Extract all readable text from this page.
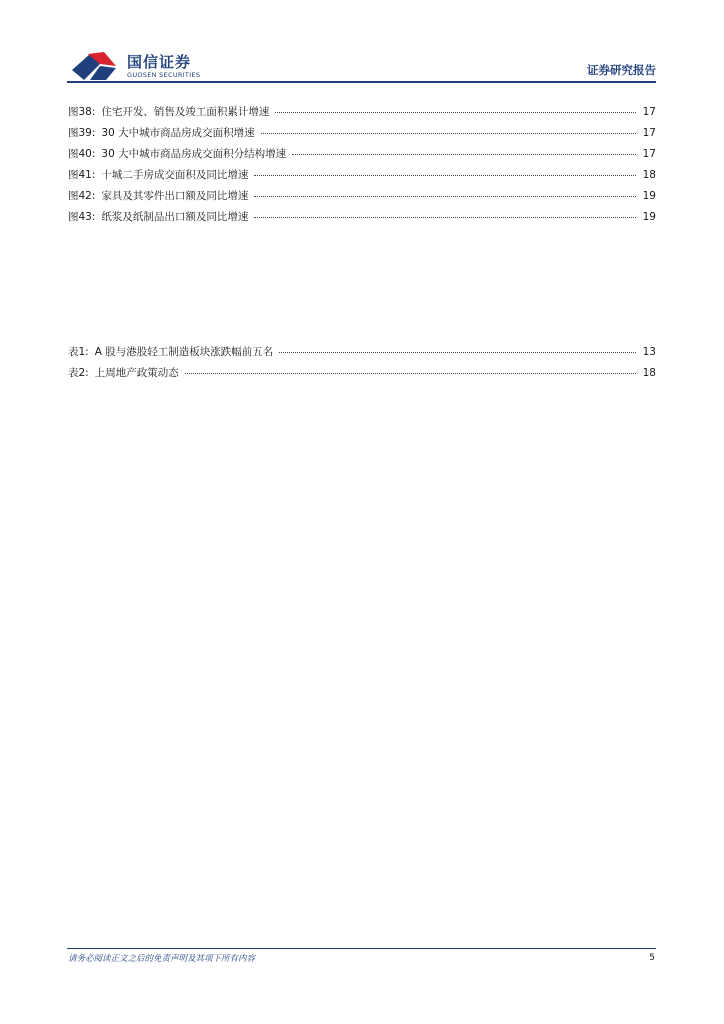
国信证券
GUOSEN SECURITIES	证券研究报告
图38: 住宅开发、销售及竣工面积累计增速	17
图39: 30 大中城市商品房成交面积增速	17
图40: 30 大中城市商品房成交面积分结构增速	17
图41: 十城二手房成交面积及同比增速	18
图42: 家具及其零件出口额及同比增速	19
图43: 纸浆及纸制品出口额及同比增速	19
表1: A 股与港股轻工制造板块涨跌幅前五名	13
表2: 上周地产政策动态	18
请务必阅读正文之后的免责声明及其项下所有内容	5
